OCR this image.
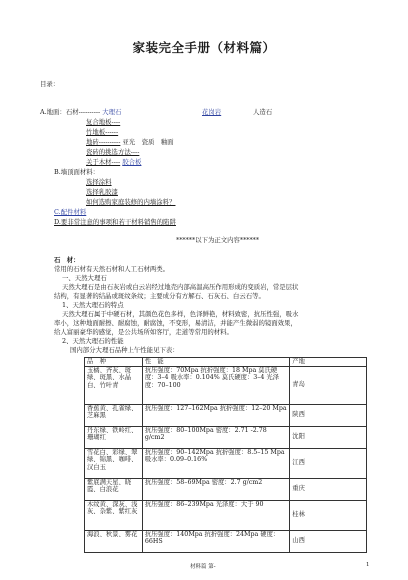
家装完全手册（材料篇）
目录：
A.地面：石材---------- 大理石	花岗岩	人造石
复合地板----
竹地板------
地砖---------- 亚光　瓷质　釉面
瓷砖的挑选方法----
关于木材---- 胶合板
B.墙顶面材料：
选择涂料
选择乳胶漆
如何选购家庭装修的内墙涂料？
C.配件材料
D.要非常注意的事项和若干材料销售的陷阱
******以下为正文内容******
石　材：
常用的石材有天然石材和人工石材两类。
一、天然大理石
天然大理石是由石灰岩或白云岩经过地壳内部高温高压作用形成的变质岩，常是层状
结构，有显著的结晶或斑纹条纹；主要成分有方解石、石灰石、白云石等。
1、天然大理石的特点
天然大理石属于中硬石材，其颜色花色多样，色泽鲜艳，材料致密，抗压性强，吸水
率小，这种地面耐擦、耐腐蚀，耐腐蚀，不变形，易清洁，并能产生微弱的镜面效果，
给人富丽豪华的感觉，是公共场所如客厅，走道等常用的材料。
2、天然大理石的性能
国内部分大理石品种上午性能见下表：
品　种	性　能	产地
玉橘、齐灰、斑绿、斑黑、水晶白、竹叶青	抗压强度：70Mpa 抗折强度：18 Mpa 莫氏硬度：3–4 吸水率：0.104% 莫氏硬度：3–4 光泽度：70–100	青岛
香蕉黄、孔雀绿、芝麻黑	抗压强度：127–162Mpa 抗折强度：12–20 Mpa	陕西
丹东绿、铁岭红、珊瑚红	抗压强度：80–100Mpa 密度：2.71 -2.78 g/cm2	沈阳
雪花白、彩绿、翠绿、锦黑、咖啡、汉白玉	抗压强度：90–142Mpa 抗折强度：8.5–15 Mpa 吸水率：0.09–0.16%	江西
紫底满天星、晓霞、白浪花	抗压强度：58–69Mpa 密度：2.7 g/cm2	重庆
木纹黄、深灰、浅灰、杂紫、紫红灰	抗压强度：86–239Mpa 光泽度：大于 90	桂林
海浪、秋景、雾花	抗压强度：140Mpa 抗折强度：24Mpa 硬度：66HS	山西
材料篇 第-	1
